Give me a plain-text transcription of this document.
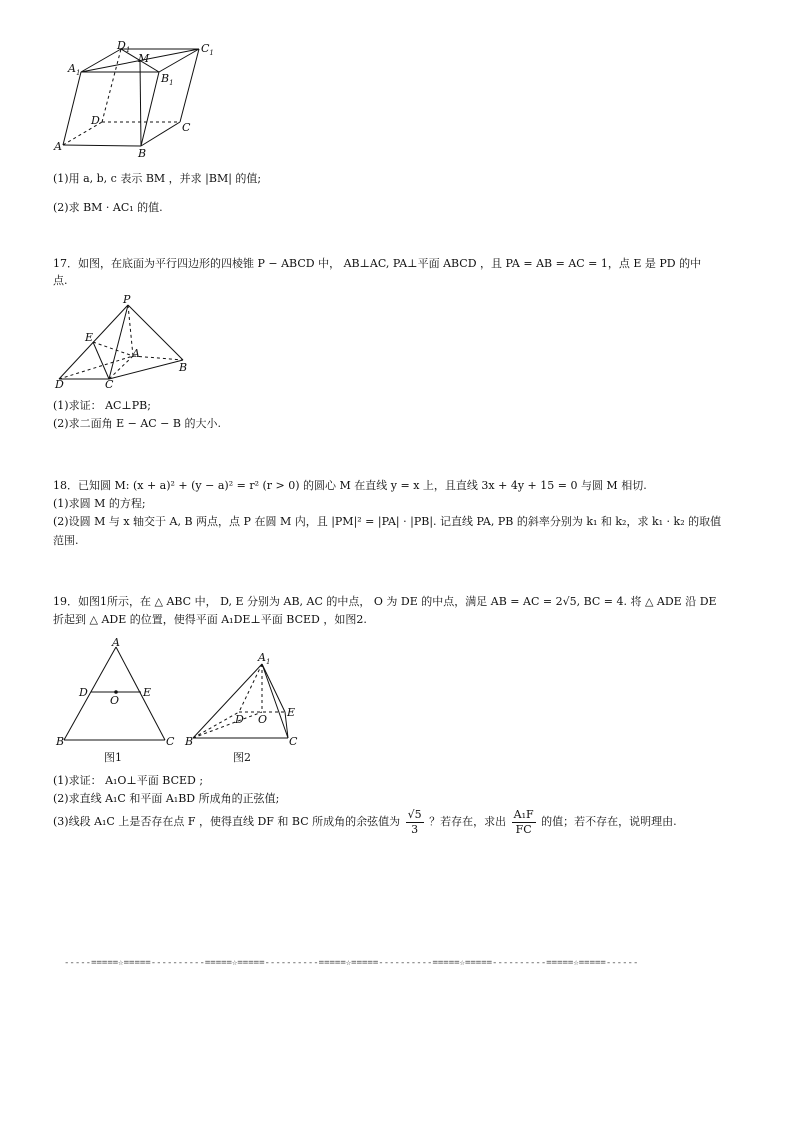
$D_1$
M
$C_1$
$A_1$	$B_1$
D
C
A
B
(1)用 a, b, c 表示 BM ，并求 |BM| 的值;
(2)求 BM · AC₁ 的值.
17．如图，在底面为平行四边形的四棱锥 P − ABCD 中， AB⊥AC, PA⊥平面 ABCD ，且 PA = AB = AC = 1，点 E 是 PD 的中
点.
P
E
A
B
D	C
(1)求证： AC⊥PB;
(2)求二面角 E − AC − B 的大小.
18．已知圆 M: (x + a)² + (y − a)² = r² (r > 0) 的圆心 M 在直线 y = x 上，且直线 3x + 4y + 15 = 0 与圆 M 相切.
(1)求圆 M 的方程;
(2)设圆 M 与 x 轴交于 A, B 两点，点 P 在圆 M 内，且 |PM|² = |PA| · |PB|. 记直线 PA, PB 的斜率分别为 k₁ 和 k₂，求 k₁ · k₂ 的取值
范围.
19．如图1所示，在 △ ABC 中， D, E 分别为 AB, AC 的中点， O 为 DE 的中点，满足 AB = AC = 2√5, BC = 4. 将 △ ADE 沿 DE
折起到 △ ADE 的位置，使得平面 A₁DE⊥平面 BCED ，如图2.
A
D	E
O
B	C
图1
$A_1$
E
D O
B	C
图2
(1)求证： A₁O⊥平面 BCED ;
(2)求直线 A₁C 和平面 A₁BD 所成角的正弦值;
(3)线段 A₁C 上是否存在点 F ，使得直线 DF 和 BC 所成角的余弦值为 $\frac{√5}{3}$ ？若存在，求出 $\frac{\text{A₁F}}{FC}$ 的值；若不存在，说明理由.
-----=====☆=====----------=====☆=====----------=====☆=====----------=====☆=====----------=====☆=====------
